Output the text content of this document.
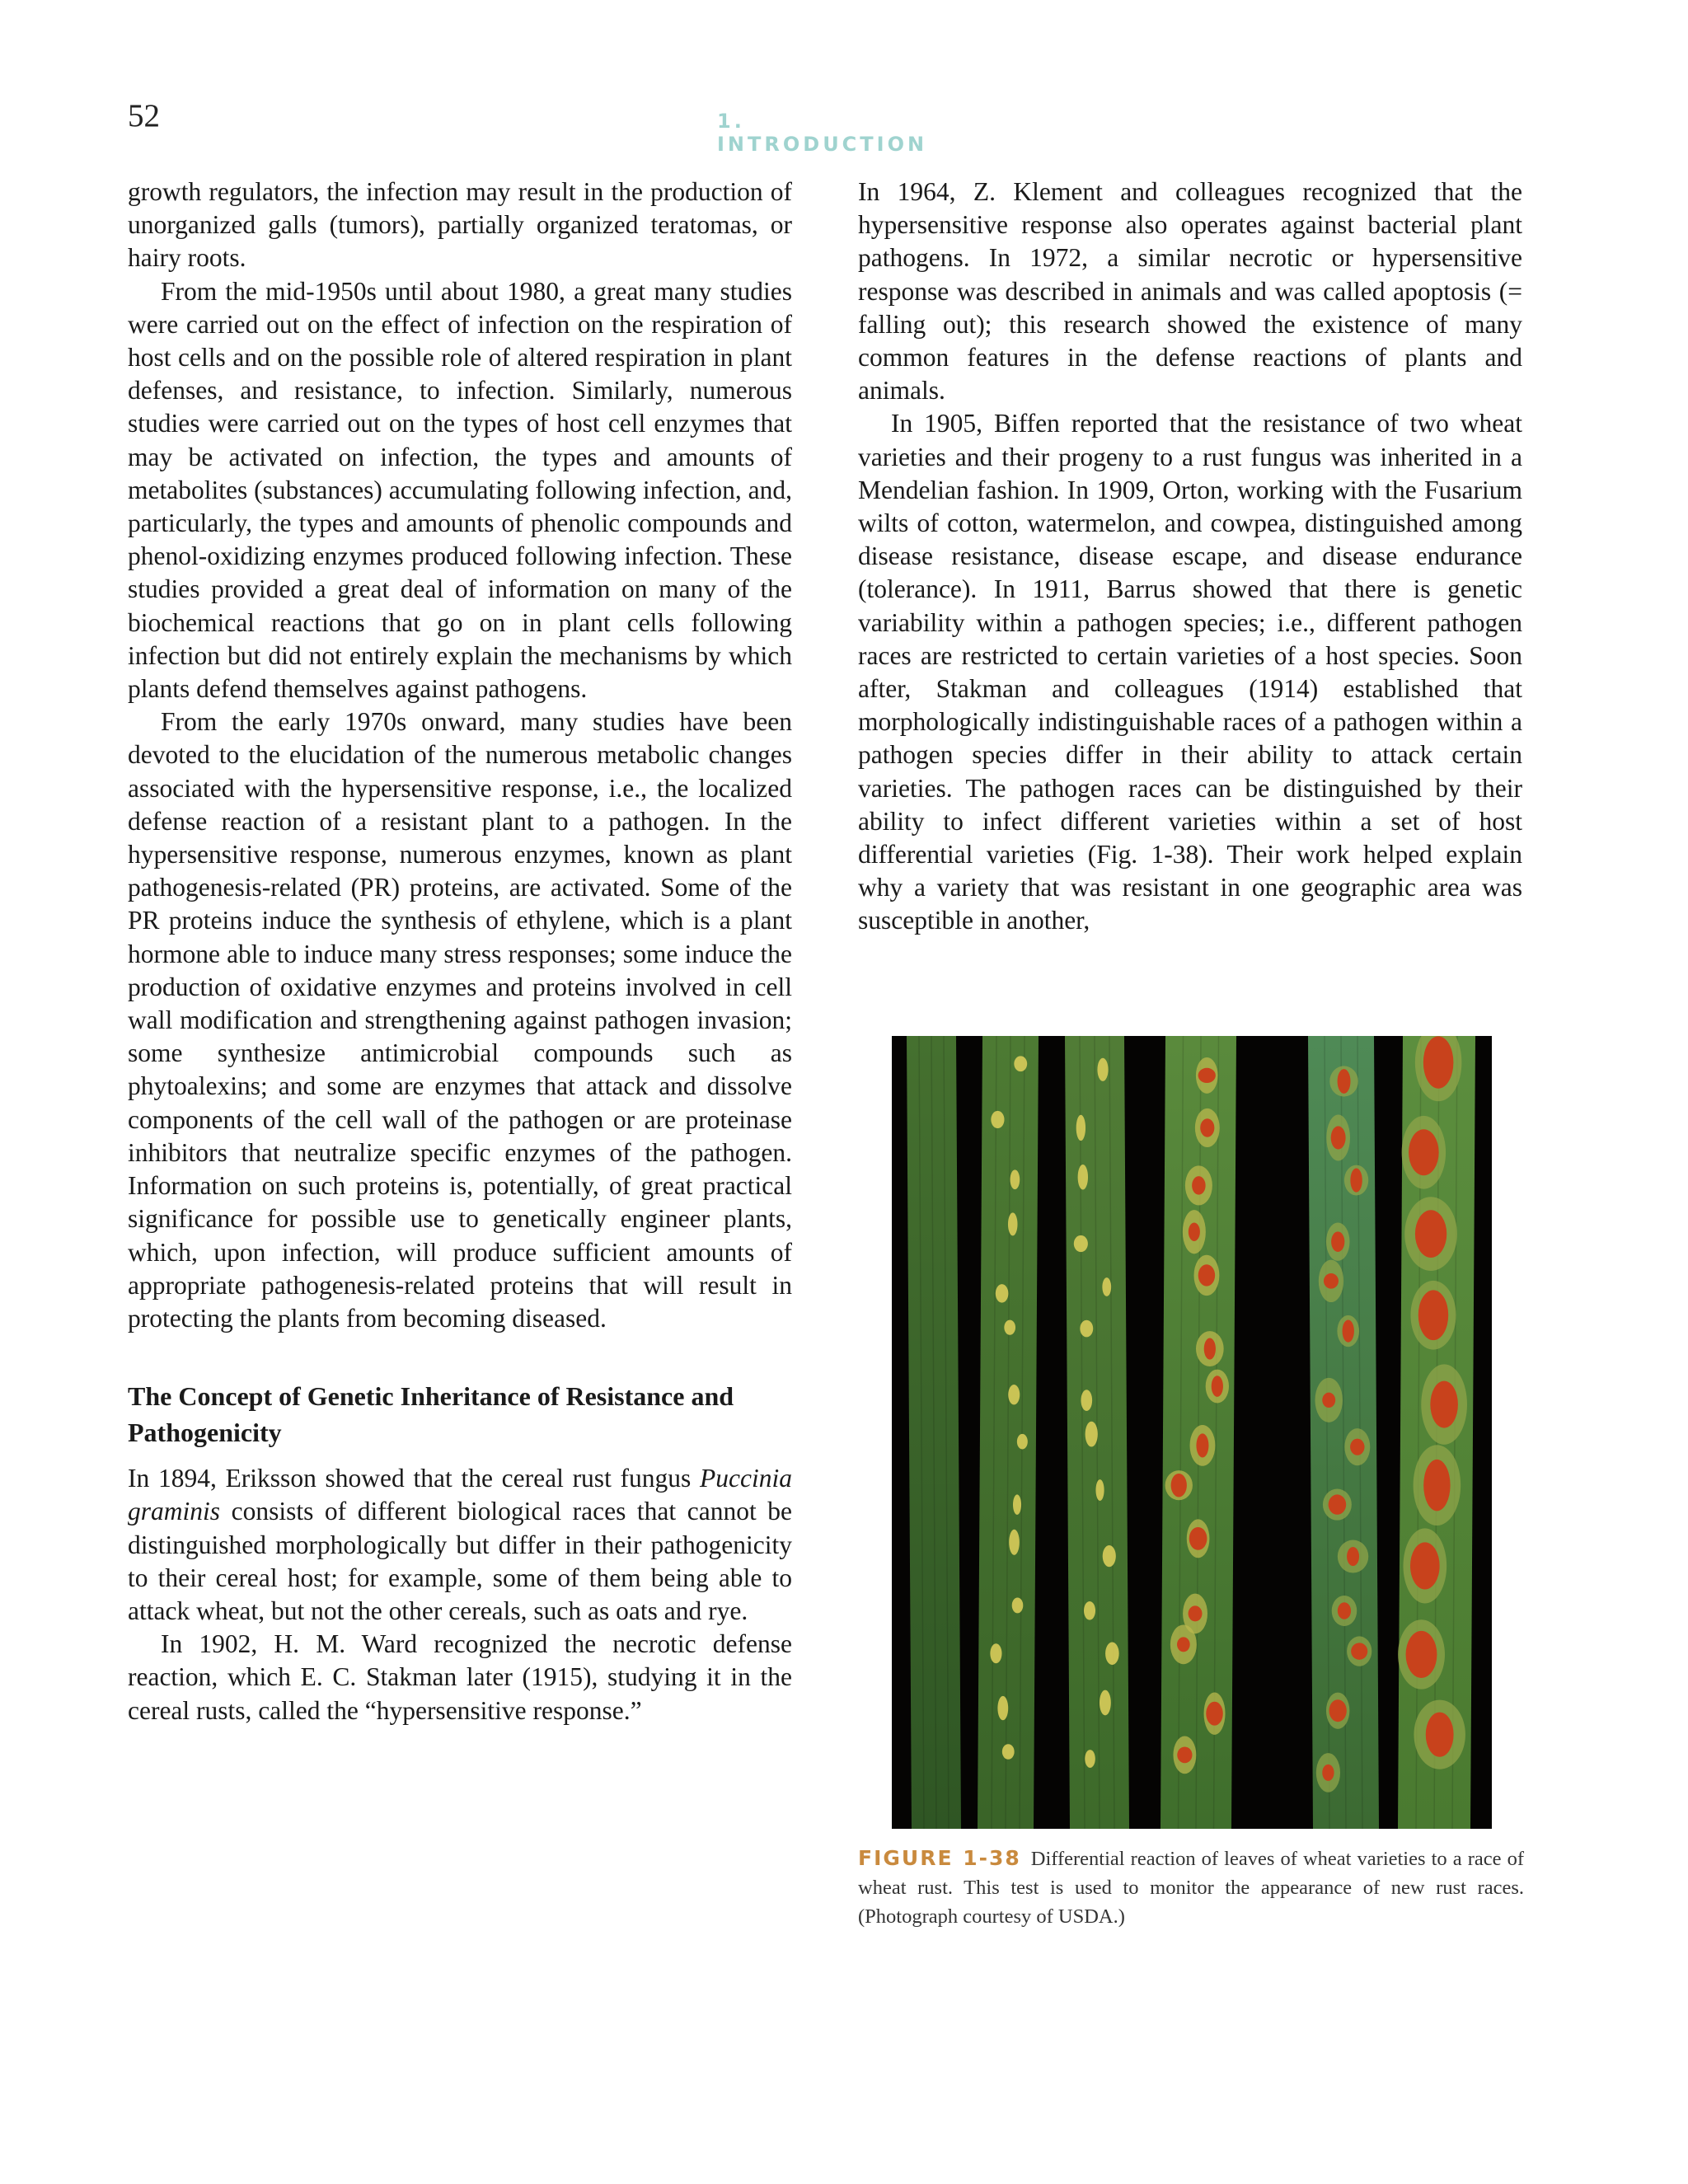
52	1. INTRODUCTION

growth regulators, the infection may result in the production of unorganized galls (tumors), partially organized teratomas, or hairy roots.

From the mid-1950s until about 1980, a great many studies were carried out on the effect of infection on the respiration of host cells and on the possible role of altered respiration in plant defenses, and resistance, to infection. Similarly, numerous studies were carried out on the types of host cell enzymes that may be activated on infection, the types and amounts of metabolites (substances) accumulating following infection, and, particularly, the types and amounts of phenolic compounds and phenol-oxidizing enzymes produced following infection. These studies provided a great deal of information on many of the biochemical reactions that go on in plant cells following infection but did not entirely explain the mechanisms by which plants defend themselves against pathogens.

From the early 1970s onward, many studies have been devoted to the elucidation of the numerous metabolic changes associated with the hypersensitive response, i.e., the localized defense reaction of a resistant plant to a pathogen. In the hypersensitive response, numerous enzymes, known as plant pathogenesis-related (PR) proteins, are activated. Some of the PR proteins induce the synthesis of ethylene, which is a plant hormone able to induce many stress responses; some induce the production of oxidative enzymes and proteins involved in cell wall modification and strengthening against pathogen invasion; some synthesize antimicrobial compounds such as phytoalexins; and some are enzymes that attack and dissolve components of the cell wall of the pathogen or are proteinase inhibitors that neutralize specific enzymes of the pathogen. Information on such proteins is, potentially, of great practical significance for possible use to genetically engineer plants, which, upon infection, will produce sufficient amounts of appropriate pathogenesis-related proteins that will result in protecting the plants from becoming diseased.

The Concept of Genetic Inheritance of Resistance and Pathogenicity

In 1894, Eriksson showed that the cereal rust fungus Puccinia graminis consists of different biological races that cannot be distinguished morphologically but differ in their pathogenicity to their cereal host; for example, some of them being able to attack wheat, but not the other cereals, such as oats and rye.

In 1902, H. M. Ward recognized the necrotic defense reaction, which E. C. Stakman later (1915), studying it in the cereal rusts, called the “hypersensitive response.”

In 1964, Z. Klement and colleagues recognized that the hypersensitive response also operates against bacterial plant pathogens. In 1972, a similar necrotic or hypersensitive response was described in animals and was called apoptosis (= falling out); this research showed the existence of many common features in the defense reactions of plants and animals.

In 1905, Biffen reported that the resistance of two wheat varieties and their progeny to a rust fungus was inherited in a Mendelian fashion. In 1909, Orton, working with the Fusarium wilts of cotton, watermelon, and cowpea, distinguished among disease resistance, disease escape, and disease endurance (tolerance). In 1911, Barrus showed that there is genetic variability within a pathogen species; i.e., different pathogen races are restricted to certain varieties of a host species. Soon after, Stakman and colleagues (1914) established that morphologically indistinguishable races of a pathogen within a pathogen species differ in their ability to attack certain varieties. The pathogen races can be distinguished by their ability to infect different varieties within a set of host differential varieties (Fig. 1-38). Their work helped explain why a variety that was resistant in one geographic area was susceptible in another,

FIGURE 1-38 Differential reaction of leaves of wheat varieties to a race of wheat rust. This test is used to monitor the appearance of new rust races. (Photograph courtesy of USDA.)
